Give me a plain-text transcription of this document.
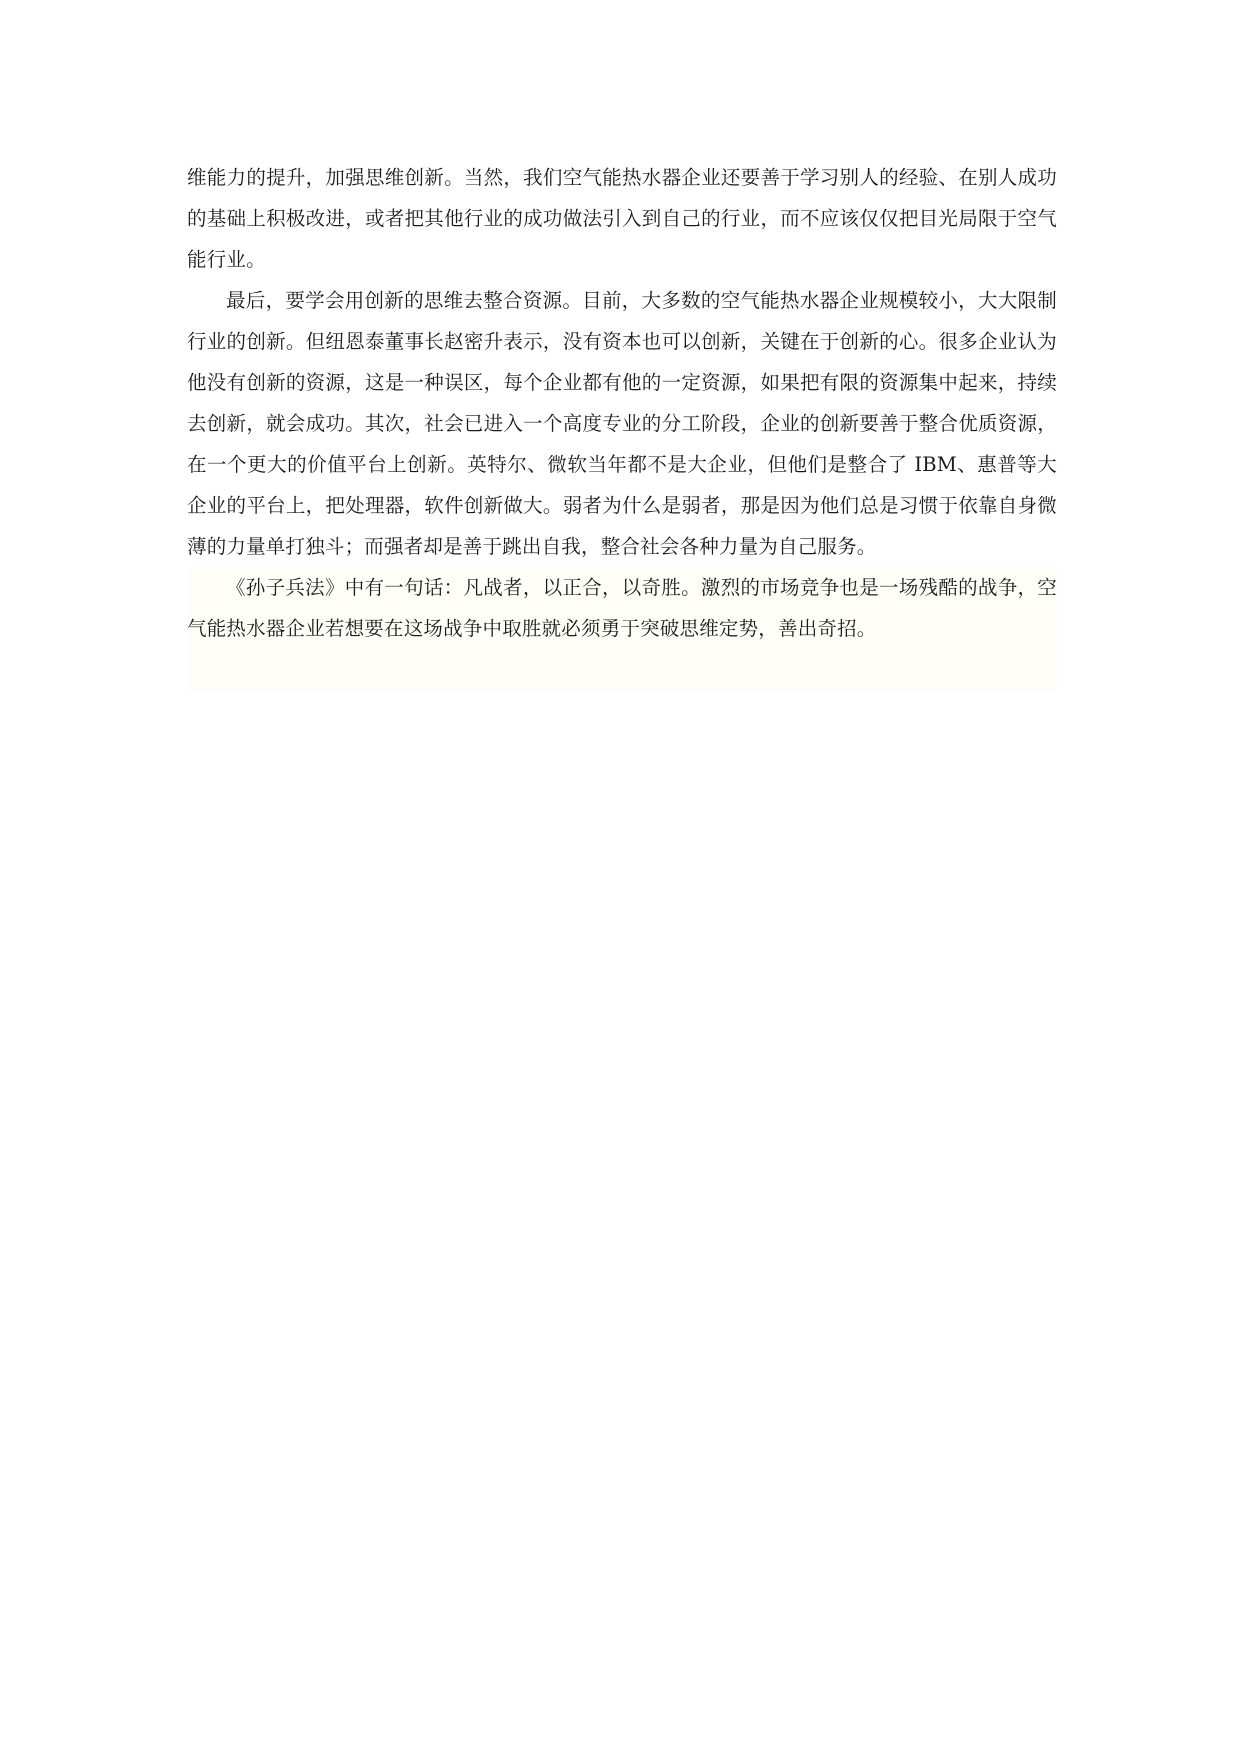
维能力的提升，加强思维创新。当然，我们空气能热水器企业还要善于学习别人的经验、在别人成功的基础上积极改进，或者把其他行业的成功做法引入到自己的行业，而不应该仅仅把目光局限于空气能行业。

最后，要学会用创新的思维去整合资源。目前，大多数的空气能热水器企业规模较小，大大限制行业的创新。但纽恩泰董事长赵密升表示，没有资本也可以创新，关键在于创新的心。很多企业认为他没有创新的资源，这是一种误区，每个企业都有他的一定资源，如果把有限的资源集中起来，持续去创新，就会成功。其次，社会已进入一个高度专业的分工阶段，企业的创新要善于整合优质资源，在一个更大的价值平台上创新。英特尔、微软当年都不是大企业，但他们是整合了 IBM、惠普等大企业的平台上，把处理器，软件创新做大。弱者为什么是弱者，那是因为他们总是习惯于依靠自身微薄的力量单打独斗；而强者却是善于跳出自我，整合社会各种力量为自己服务。

《孙子兵法》中有一句话：凡战者，以正合，以奇胜。激烈的市场竞争也是一场残酷的战争，空气能热水器企业若想要在这场战争中取胜就必须勇于突破思维定势，善出奇招。
